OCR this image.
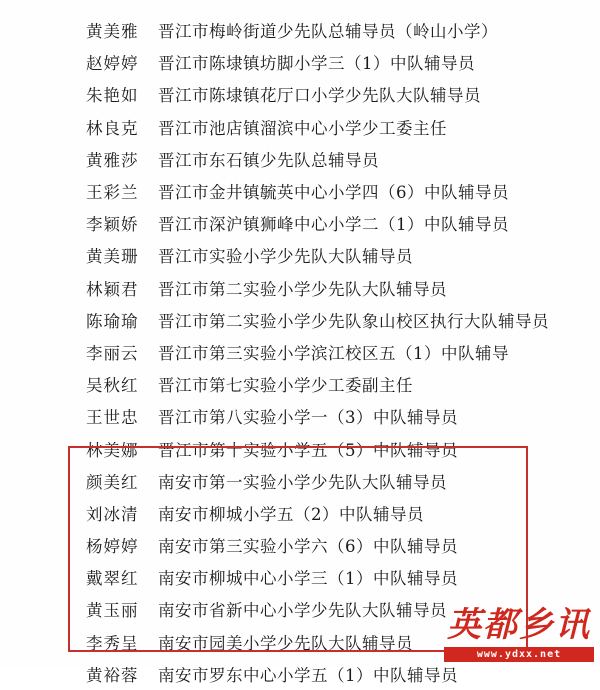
黄美雅	晋江市梅岭街道少先队总辅导员（岭山小学）
赵婷婷	晋江市陈埭镇坊脚小学三（1）中队辅导员
朱艳如	晋江市陈埭镇花厅口小学少先队大队辅导员
林良克	晋江市池店镇溜滨中心小学少工委主任
黄雅莎	晋江市东石镇少先队总辅导员
王彩兰	晋江市金井镇毓英中心小学四（6）中队辅导员
李颖娇	晋江市深沪镇狮峰中心小学二（1）中队辅导员
黄美珊	晋江市实验小学少先队大队辅导员
林颖君	晋江市第二实验小学少先队大队辅导员
陈瑜瑜	晋江市第二实验小学少先队象山校区执行大队辅导员
李丽云	晋江市第三实验小学滨江校区五（1）中队辅导
吴秋红	晋江市第七实验小学少工委副主任
王世忠	晋江市第八实验小学一（3）中队辅导员
林美娜	晋江市第十实验小学五（5）中队辅导员
颜美红	南安市第一实验小学少先队大队辅导员
刘冰清	南安市柳城小学五（2）中队辅导员
杨婷婷	南安市第三实验小学六（6）中队辅导员
戴翠红	南安市柳城中心小学三（1）中队辅导员
黄玉丽	南安市省新中心小学少先队大队辅导员
李秀呈	南安市园美小学少先队大队辅导员
黄裕蓉	南安市罗东中心小学五（1）中队辅导员
英都乡讯
www.ydxx.net
